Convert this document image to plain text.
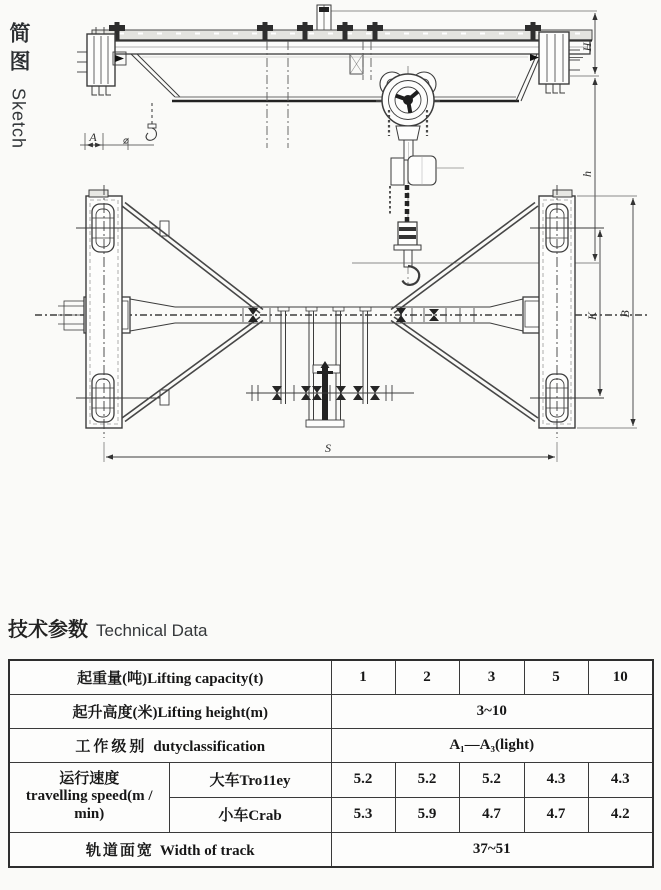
简图
Sketch
H
h
A
K B
S
技术参数 Technical Data
起重量(吨)Lifting capacity(t)		1	2	3	5	10
起升高度(米)Lifting height(m)		3~10				
工作级别 dutyclassification		A₁—A₃(light)				

运行速度
travelling speed(m / min)	大车Tro11ey	5.2	5.2	5.2	4.3	4.3
	小车Crab	5.3	5.9	4.7	4.7	4.2
轨道面宽 Width of track		37~51				
